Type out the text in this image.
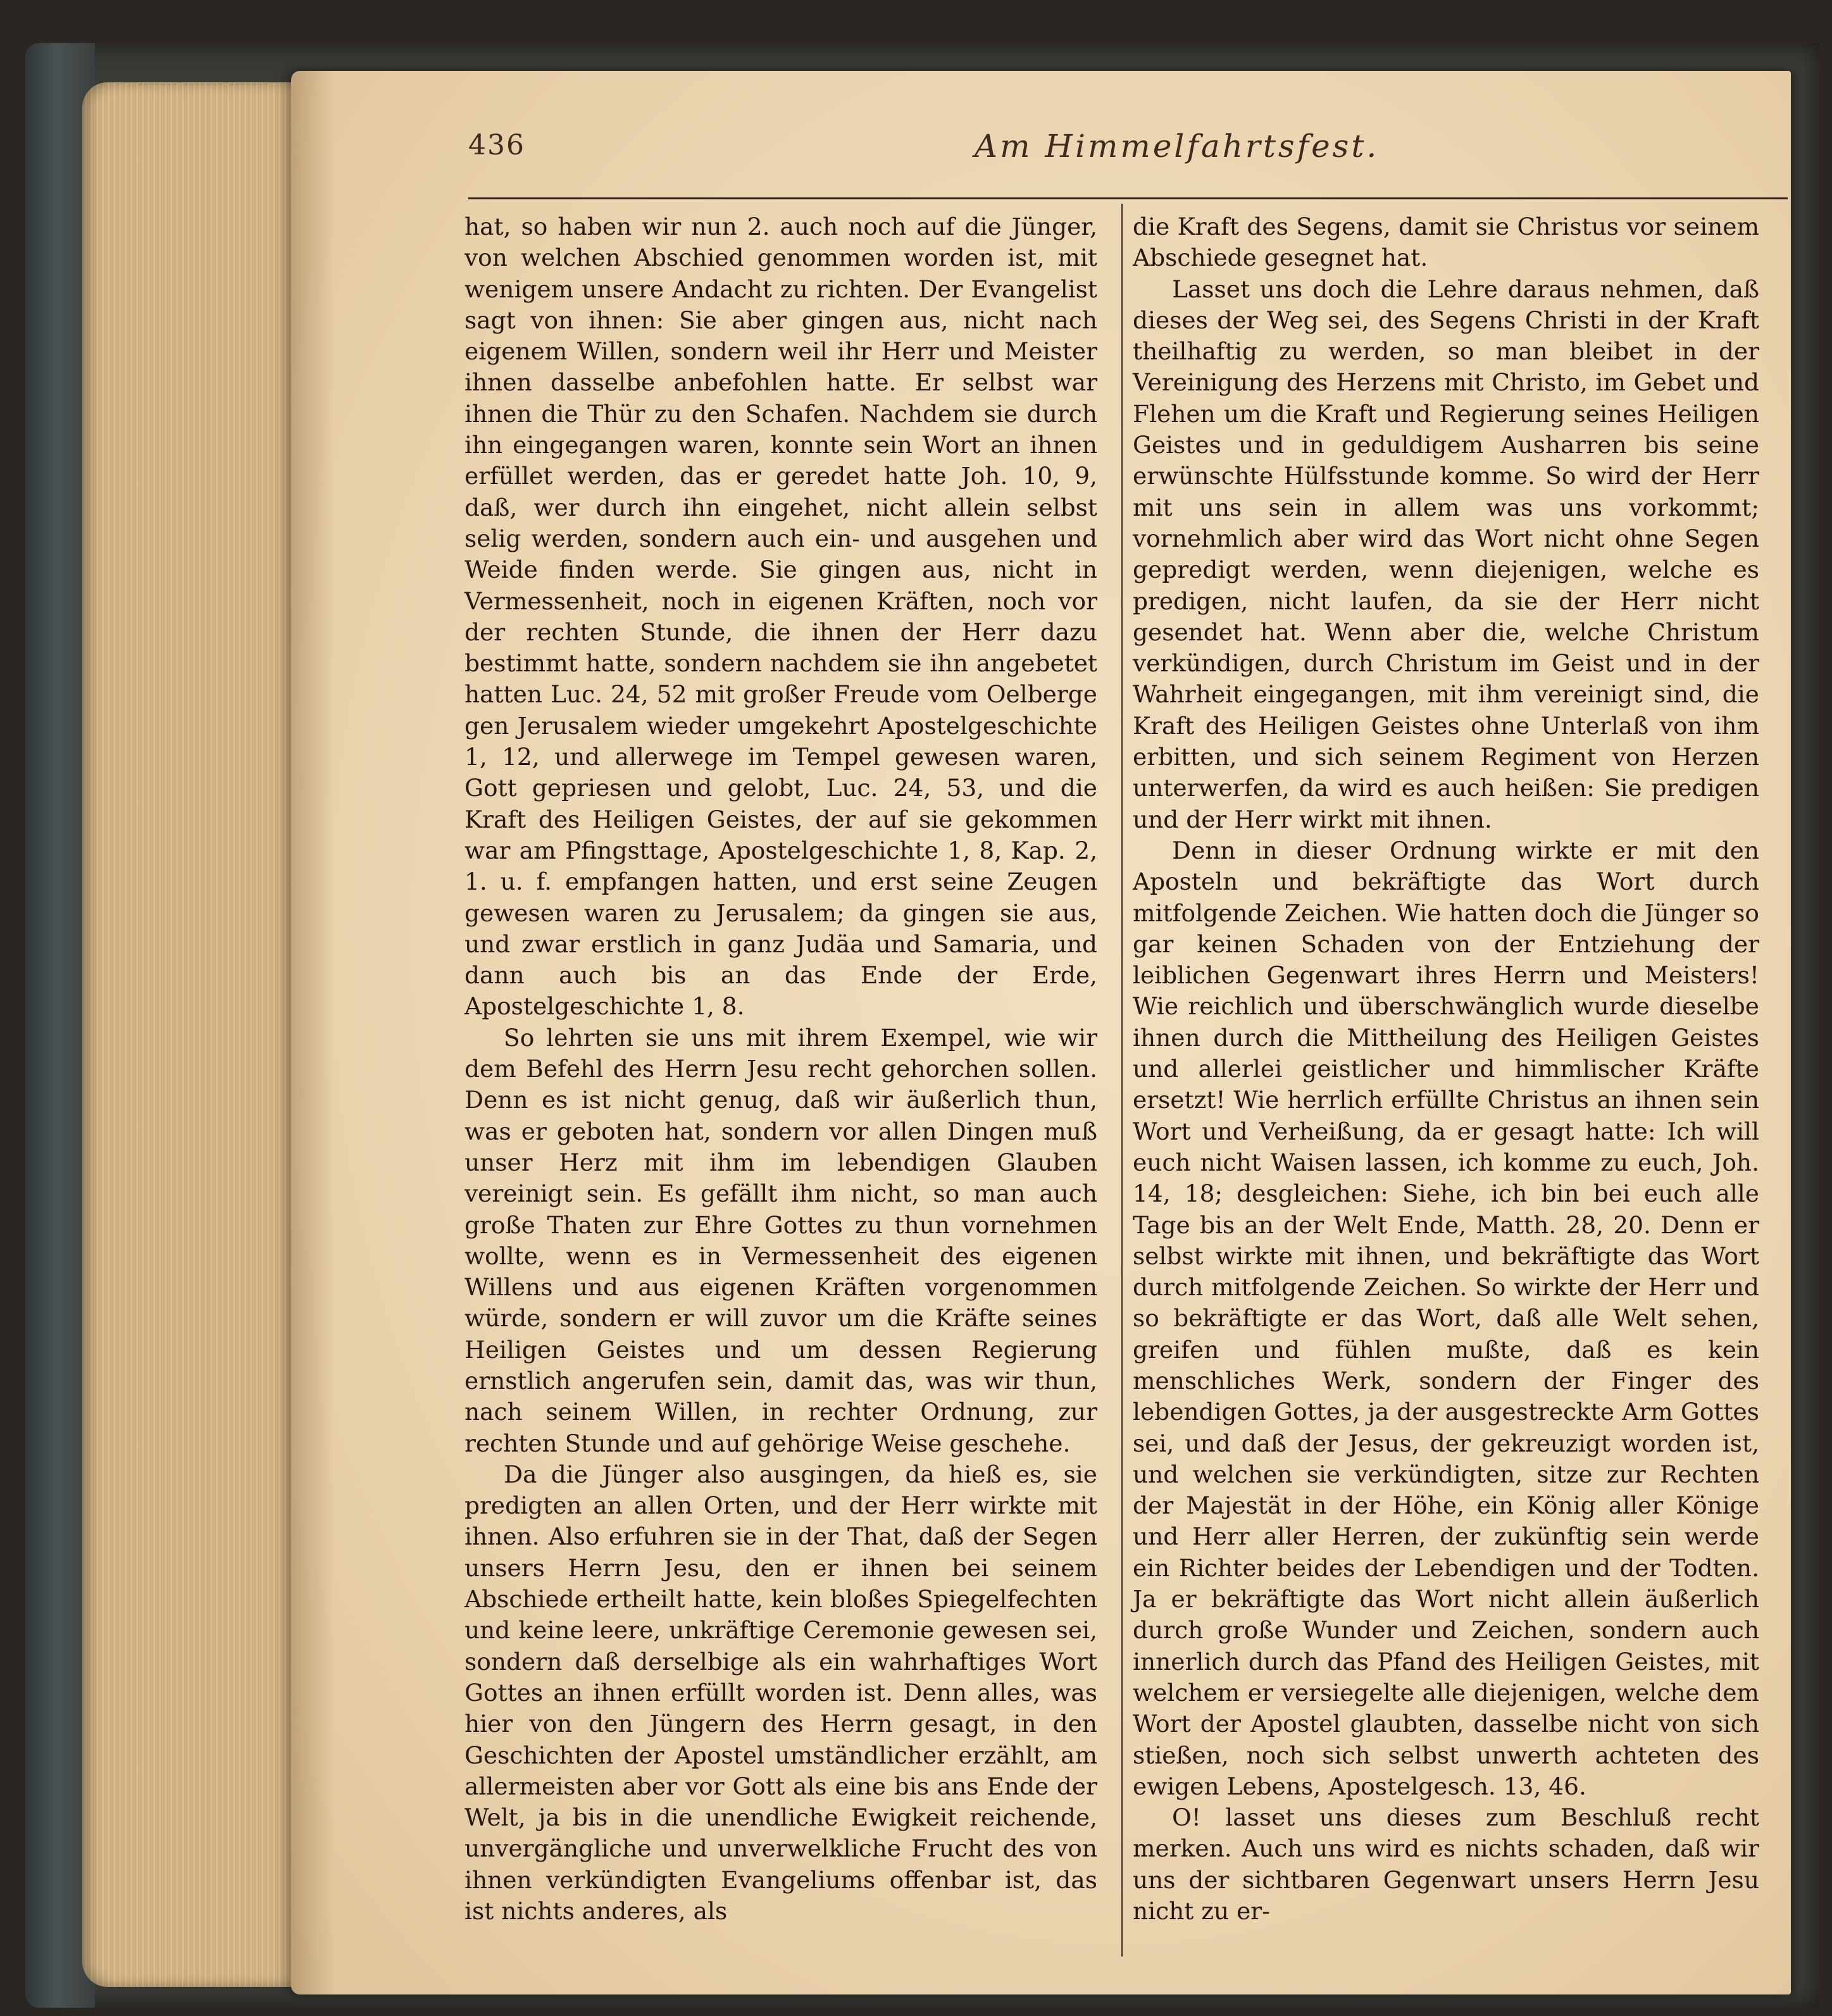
436	Am Himmelfahrtsfest.

hat, so haben wir nun 2. auch noch auf die Jünger, von welchen Abschied genommen worden ist, mit wenigem unsere Andacht zu richten. Der Evangelist sagt von ihnen: Sie aber gingen aus, nicht nach eigenem Willen, sondern weil ihr Herr und Meister ihnen dasselbe anbefohlen hatte. Er selbst war ihnen die Thür zu den Schafen. Nachdem sie durch ihn eingegangen waren, konnte sein Wort an ihnen erfüllet werden, das er geredet hatte Joh. 10, 9, daß, wer durch ihn eingehet, nicht allein selbst selig werden, sondern auch ein- und ausgehen und Weide finden werde. Sie gingen aus, nicht in Vermessenheit, noch in eigenen Kräften, noch vor der rechten Stunde, die ihnen der Herr dazu bestimmt hatte, sondern nachdem sie ihn angebetet hatten Luc. 24, 52 mit großer Freude vom Oelberge gen Jerusalem wieder umgekehrt Apostelgeschichte 1, 12, und allerwege im Tempel gewesen waren, Gott gepriesen und gelobt, Luc. 24, 53, und die Kraft des Heiligen Geistes, der auf sie gekommen war am Pfingsttage, Apostelgeschichte 1, 8, Kap. 2, 1. u. f. empfangen hatten, und erst seine Zeugen gewesen waren zu Jerusalem; da gingen sie aus, und zwar erstlich in ganz Judäa und Samaria, und dann auch bis an das Ende der Erde, Apostelgeschichte 1, 8.

So lehrten sie uns mit ihrem Exempel, wie wir dem Befehl des Herrn Jesu recht gehorchen sollen. Denn es ist nicht genug, daß wir äußerlich thun, was er geboten hat, sondern vor allen Dingen muß unser Herz mit ihm im lebendigen Glauben vereinigt sein. Es gefällt ihm nicht, so man auch große Thaten zur Ehre Gottes zu thun vornehmen wollte, wenn es in Vermessenheit des eigenen Willens und aus eigenen Kräften vorgenommen würde, sondern er will zuvor um die Kräfte seines Heiligen Geistes und um dessen Regierung ernstlich angerufen sein, damit das, was wir thun, nach seinem Willen, in rechter Ordnung, zur rechten Stunde und auf gehörige Weise geschehe.

Da die Jünger also ausgingen, da hieß es, sie predigten an allen Orten, und der Herr wirkte mit ihnen. Also erfuhren sie in der That, daß der Segen unsers Herrn Jesu, den er ihnen bei seinem Abschiede ertheilt hatte, kein bloßes Spiegelfechten und keine leere, unkräftige Ceremonie gewesen sei, sondern daß derselbige als ein wahrhaftiges Wort Gottes an ihnen erfüllt worden ist. Denn alles, was hier von den Jüngern des Herrn gesagt, in den Geschichten der Apostel umständlicher erzählt, am allermeisten aber vor Gott als eine bis ans Ende der Welt, ja bis in die unendliche Ewigkeit reichende, unvergängliche und unverwelkliche Frucht des von ihnen verkündigten Evangeliums offenbar ist, das ist nichts anderes, als

die Kraft des Segens, damit sie Christus vor seinem Abschiede gesegnet hat.

Lasset uns doch die Lehre daraus nehmen, daß dieses der Weg sei, des Segens Christi in der Kraft theilhaftig zu werden, so man bleibet in der Vereinigung des Herzens mit Christo, im Gebet und Flehen um die Kraft und Regierung seines Heiligen Geistes und in geduldigem Ausharren bis seine erwünschte Hülfsstunde komme. So wird der Herr mit uns sein in allem was uns vorkommt; vornehmlich aber wird das Wort nicht ohne Segen gepredigt werden, wenn diejenigen, welche es predigen, nicht laufen, da sie der Herr nicht gesendet hat. Wenn aber die, welche Christum verkündigen, durch Christum im Geist und in der Wahrheit eingegangen, mit ihm vereinigt sind, die Kraft des Heiligen Geistes ohne Unterlaß von ihm erbitten, und sich seinem Regiment von Herzen unterwerfen, da wird es auch heißen: Sie predigen und der Herr wirkt mit ihnen.

Denn in dieser Ordnung wirkte er mit den Aposteln und bekräftigte das Wort durch mitfolgende Zeichen. Wie hatten doch die Jünger so gar keinen Schaden von der Entziehung der leiblichen Gegenwart ihres Herrn und Meisters! Wie reichlich und überschwänglich wurde dieselbe ihnen durch die Mittheilung des Heiligen Geistes und allerlei geistlicher und himmlischer Kräfte ersetzt! Wie herrlich erfüllte Christus an ihnen sein Wort und Verheißung, da er gesagt hatte: Ich will euch nicht Waisen lassen, ich komme zu euch, Joh. 14, 18; desgleichen: Siehe, ich bin bei euch alle Tage bis an der Welt Ende, Matth. 28, 20. Denn er selbst wirkte mit ihnen, und bekräftigte das Wort durch mitfolgende Zeichen. So wirkte der Herr und so bekräftigte er das Wort, daß alle Welt sehen, greifen und fühlen mußte, daß es kein menschliches Werk, sondern der Finger des lebendigen Gottes, ja der ausgestreckte Arm Gottes sei, und daß der Jesus, der gekreuzigt worden ist, und welchen sie verkündigten, sitze zur Rechten der Majestät in der Höhe, ein König aller Könige und Herr aller Herren, der zukünftig sein werde ein Richter beides der Lebendigen und der Todten. Ja er bekräftigte das Wort nicht allein äußerlich durch große Wunder und Zeichen, sondern auch innerlich durch das Pfand des Heiligen Geistes, mit welchem er versiegelte alle diejenigen, welche dem Wort der Apostel glaubten, dasselbe nicht von sich stießen, noch sich selbst unwerth achteten des ewigen Lebens, Apostelgesch. 13, 46.

O! lasset uns dieses zum Beschluß recht merken. Auch uns wird es nichts schaden, daß wir uns der sichtbaren Gegenwart unsers Herrn Jesu nicht zu er-
